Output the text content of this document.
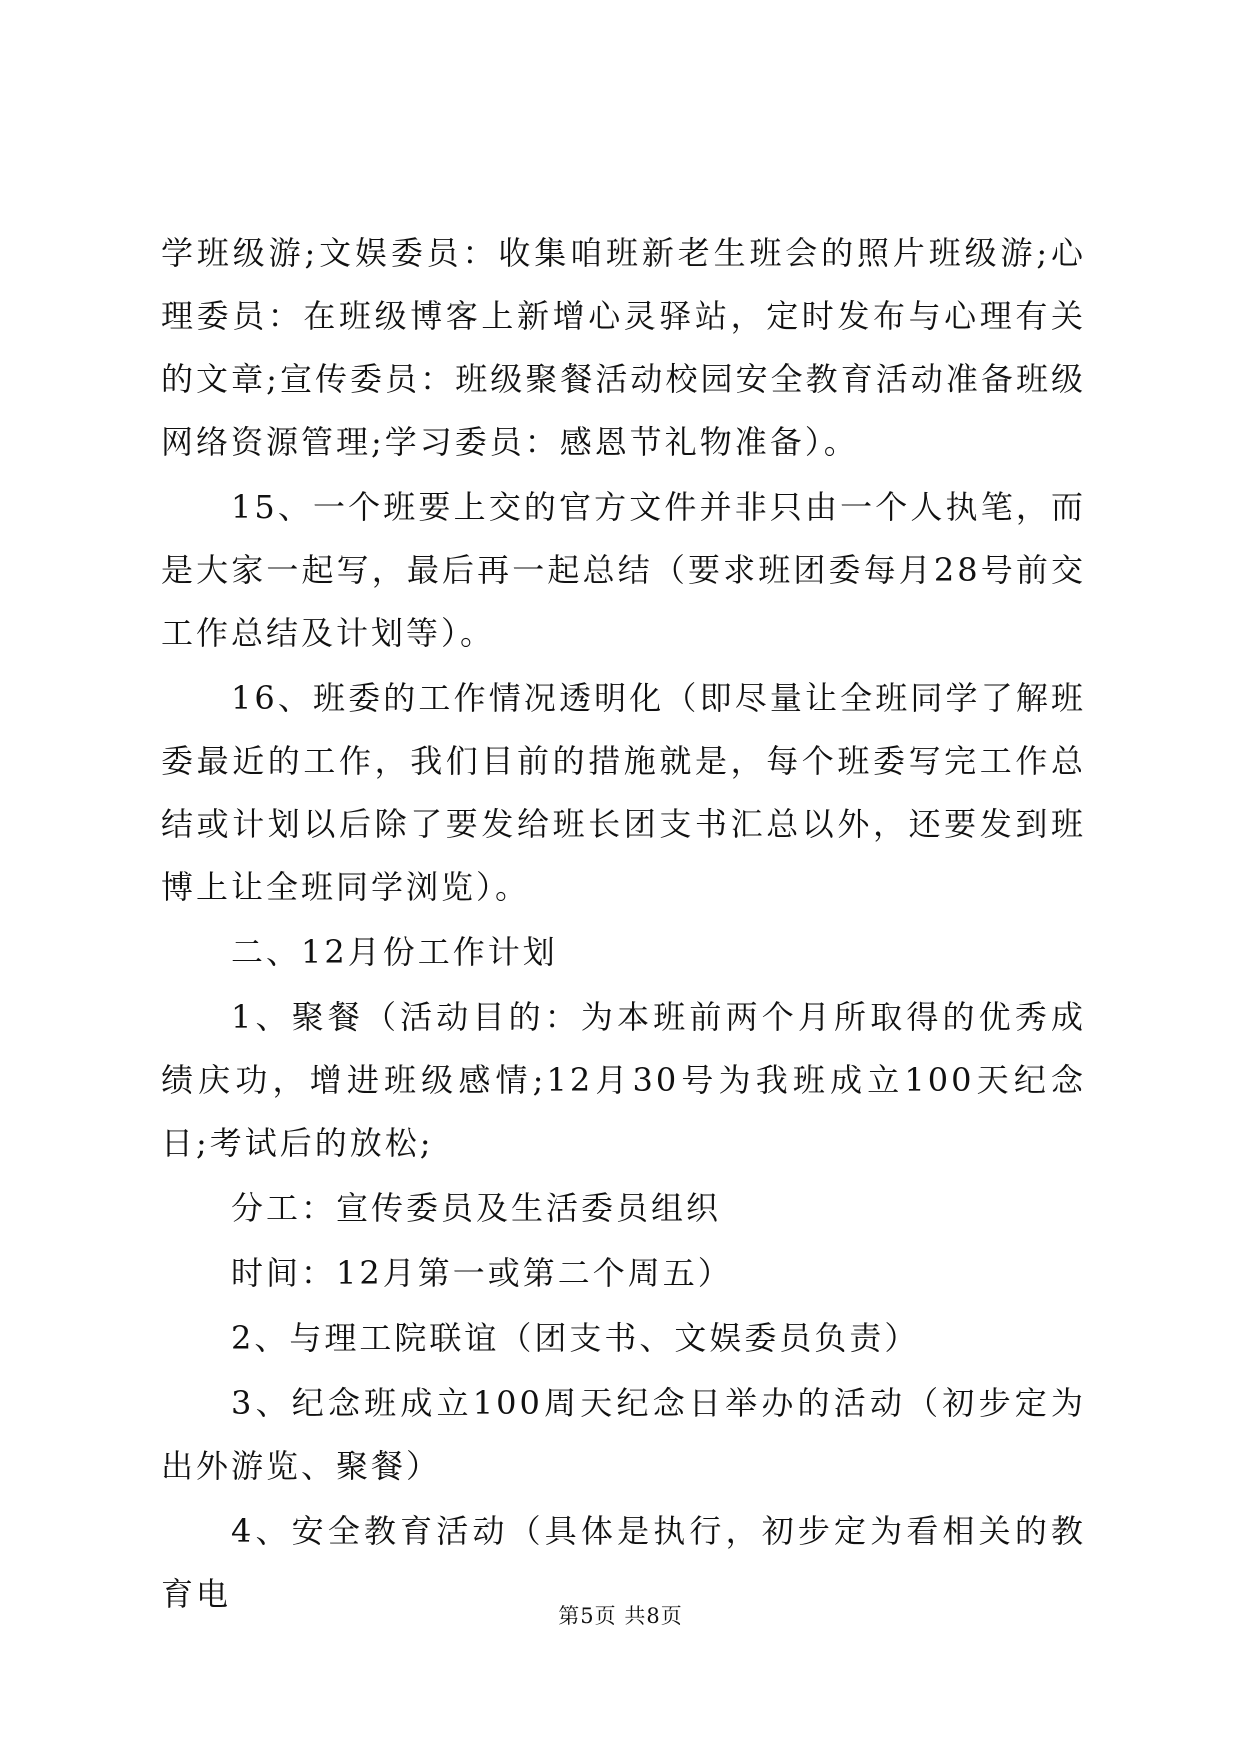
学班级游;文娱委员：收集咱班新老生班会的照片班级游;心理委员：在班级博客上新增心灵驿站，定时发布与心理有关的文章;宣传委员：班级聚餐活动校园安全教育活动准备班级网络资源管理;学习委员：感恩节礼物准备）。

15、一个班要上交的官方文件并非只由一个人执笔，而是大家一起写，最后再一起总结（要求班团委每月28号前交工作总结及计划等）。

16、班委的工作情况透明化（即尽量让全班同学了解班委最近的工作，我们目前的措施就是，每个班委写完工作总结或计划以后除了要发给班长团支书汇总以外，还要发到班博上让全班同学浏览）。

二、12月份工作计划

1、聚餐（活动目的：为本班前两个月所取得的优秀成绩庆功，增进班级感情;12月30号为我班成立100天纪念日;考试后的放松;

分工：宣传委员及生活委员组织

时间：12月第一或第二个周五）

2、与理工院联谊（团支书、文娱委员负责）

3、纪念班成立100周天纪念日举办的活动（初步定为出外游览、聚餐）

4、安全教育活动（具体是执行，初步定为看相关的教育电

第5页 共8页
